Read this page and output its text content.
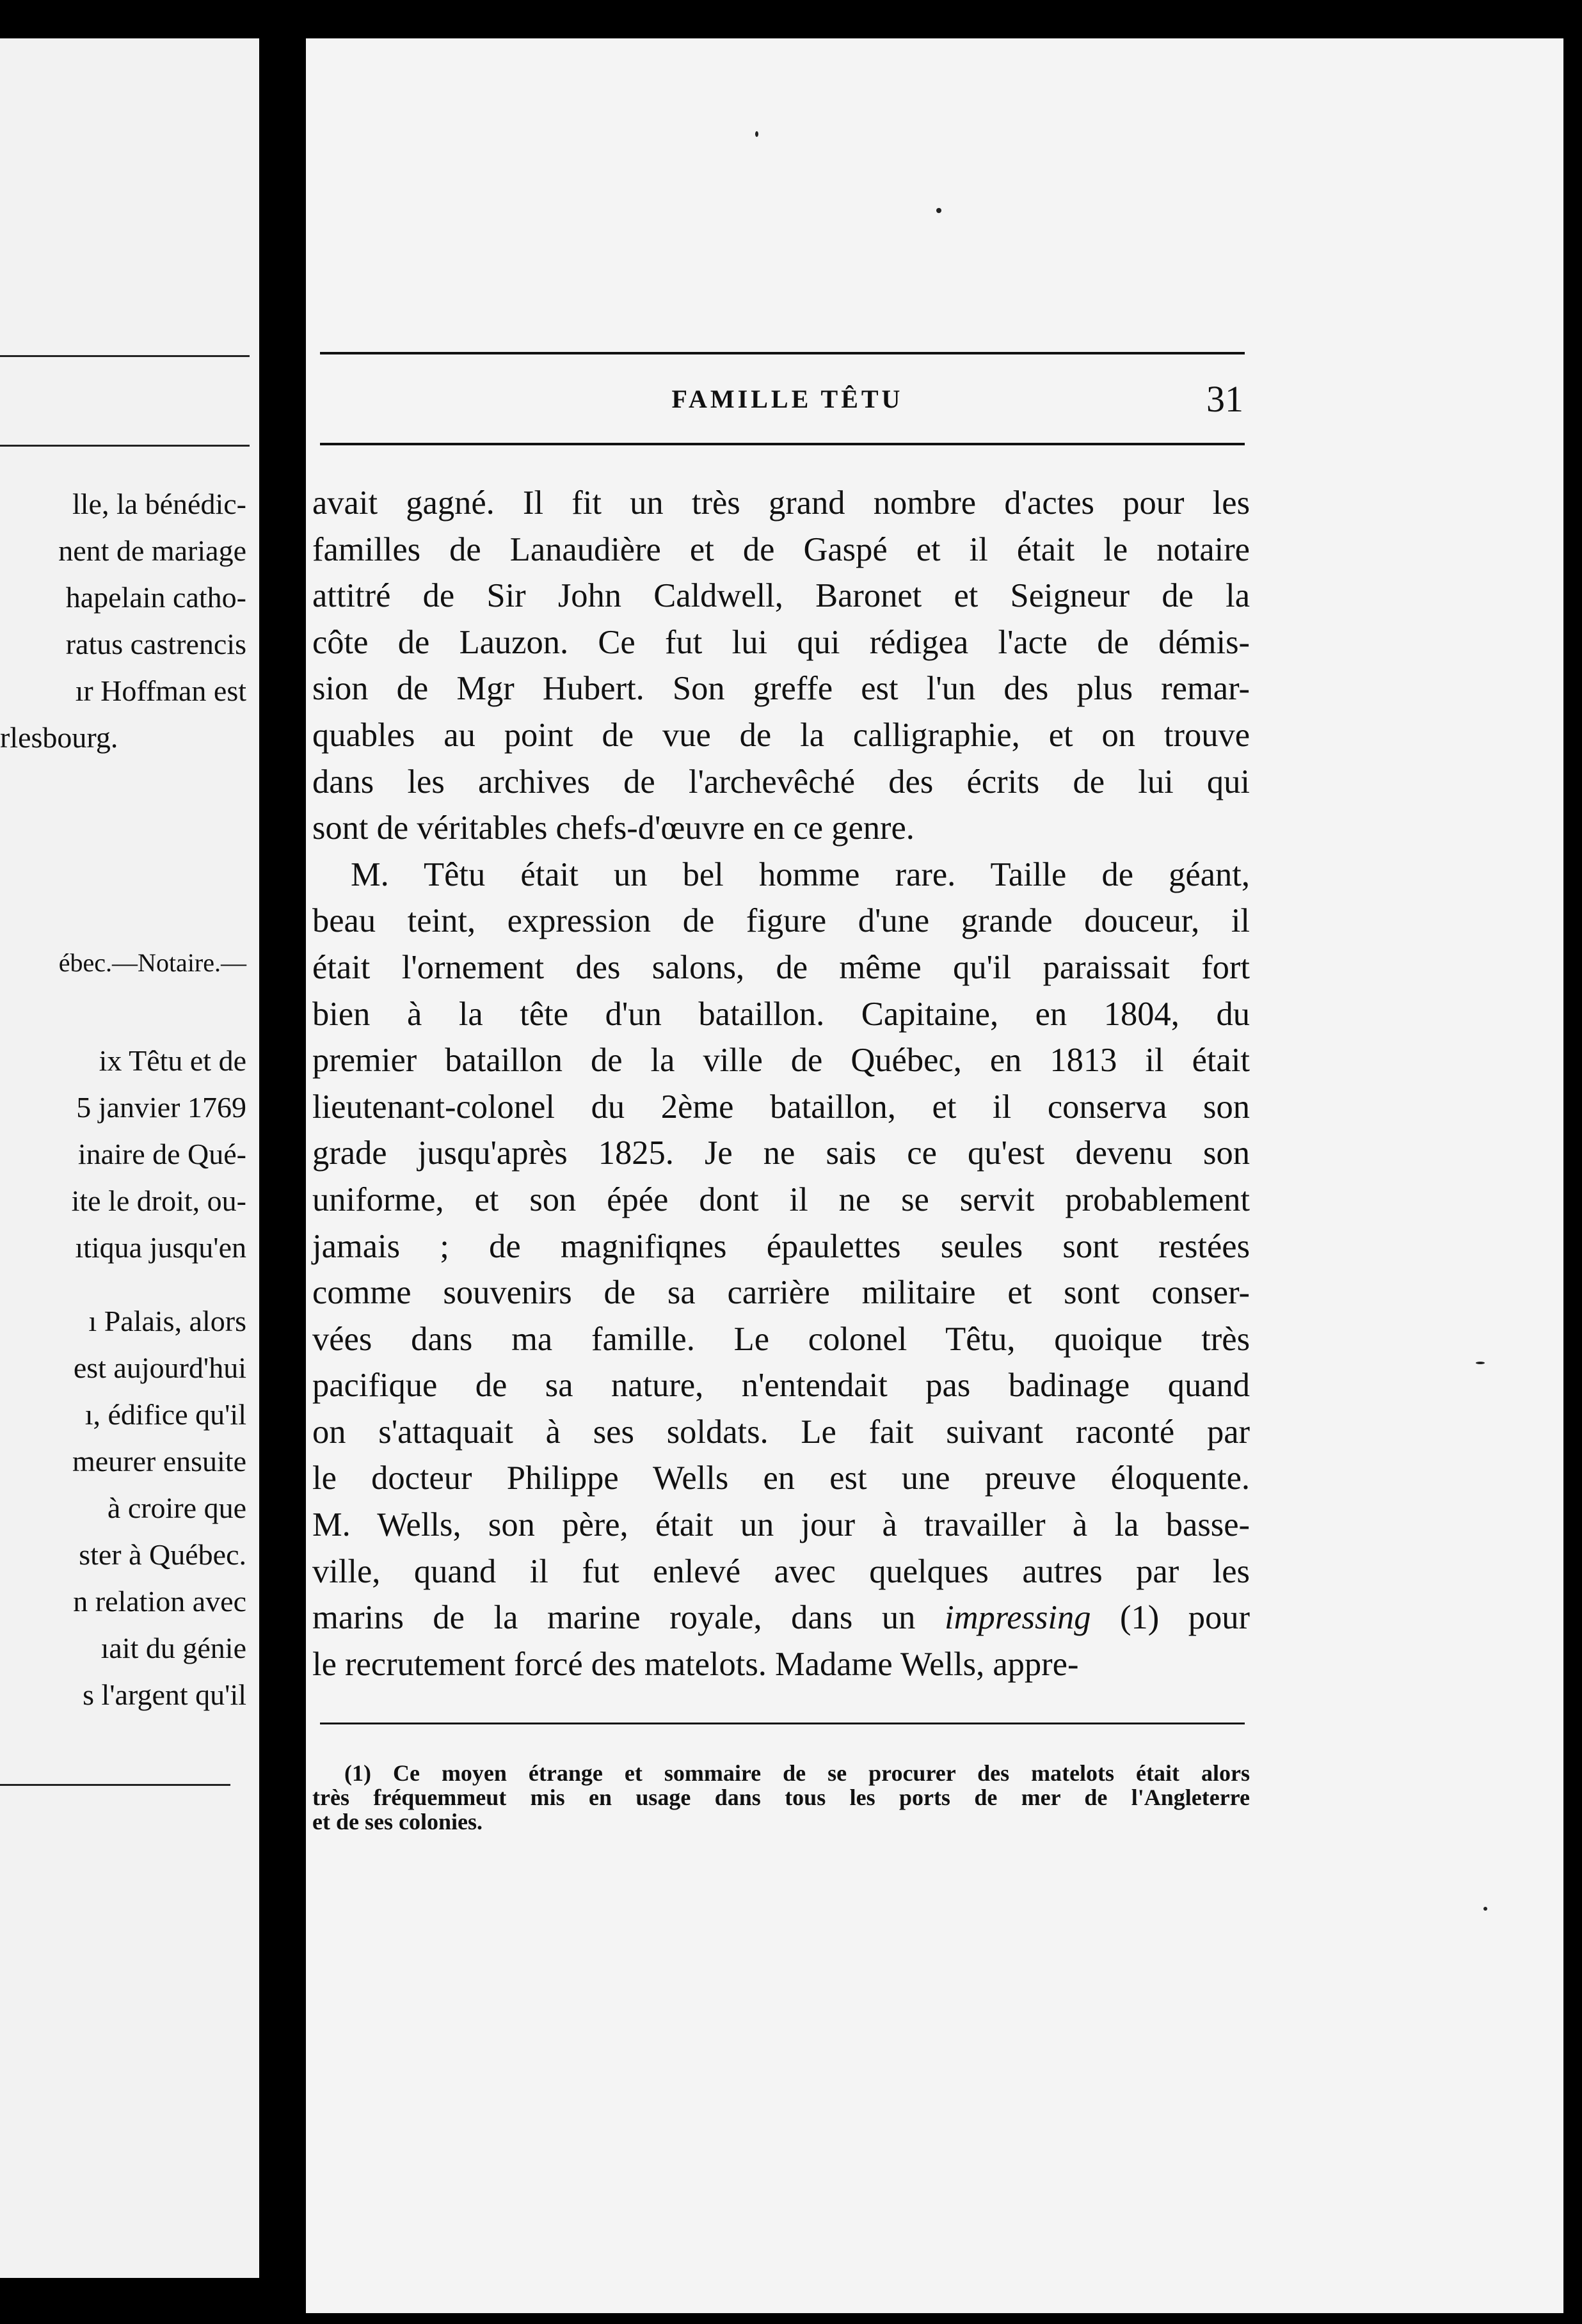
lle, la bénédic-
nent de mariage
hapelain catho-
ratus castrencis
ır Hoffman est
rlesbourg.
ébec.—Notaire.—
ix Têtu et de
5 janvier 1769
inaire de Qué-
ite le droit, ou-
ıtiqua jusqu'en
ı Palais, alors
est aujourd'hui
ı, édifice qu'il
meurer ensuite
à croire que
ster à Québec.
n relation avec
ıait du génie
s l'argent qu'il
FAMILLE TÊTU	31
avait gagné. Il fit un très grand nombre d'actes pour les
familles de Lanaudière et de Gaspé et il était le notaire
attitré de Sir John Caldwell, Baronet et Seigneur de la
côte de Lauzon. Ce fut lui qui rédigea l'acte de démis-
sion de Mgr Hubert. Son greffe est l'un des plus remar-
quables au point de vue de la calligraphie, et on trouve
dans les archives de l'archevêché des écrits de lui qui
sont de véritables chefs-d'œuvre en ce genre.
M. Têtu était un bel homme rare. Taille de géant,
beau teint, expression de figure d'une grande douceur, il
était l'ornement des salons, de même qu'il paraissait fort
bien à la tête d'un bataillon. Capitaine, en 1804, du
premier bataillon de la ville de Québec, en 1813 il était
lieutenant-colonel du 2ème bataillon, et il conserva son
grade jusqu'après 1825. Je ne sais ce qu'est devenu son
uniforme, et son épée dont il ne se servit probablement
jamais ; de magnifiqnes épaulettes seules sont restées
comme souvenirs de sa carrière militaire et sont conser-
vées dans ma famille. Le colonel Têtu, quoique très
pacifique de sa nature, n'entendait pas badinage quand
on s'attaquait à ses soldats. Le fait suivant raconté par
le docteur Philippe Wells en est une preuve éloquente.
M. Wells, son père, était un jour à travailler à la basse-
ville, quand il fut enlevé avec quelques autres par les
marins de la marine royale, dans un impressing (1) pour
le recrutement forcé des matelots. Madame Wells, appre-
(1) Ce moyen étrange et sommaire de se procurer des matelots était alors
très fréquemmeut mis en usage dans tous les ports de mer de l'Angleterre
et de ses colonies.
